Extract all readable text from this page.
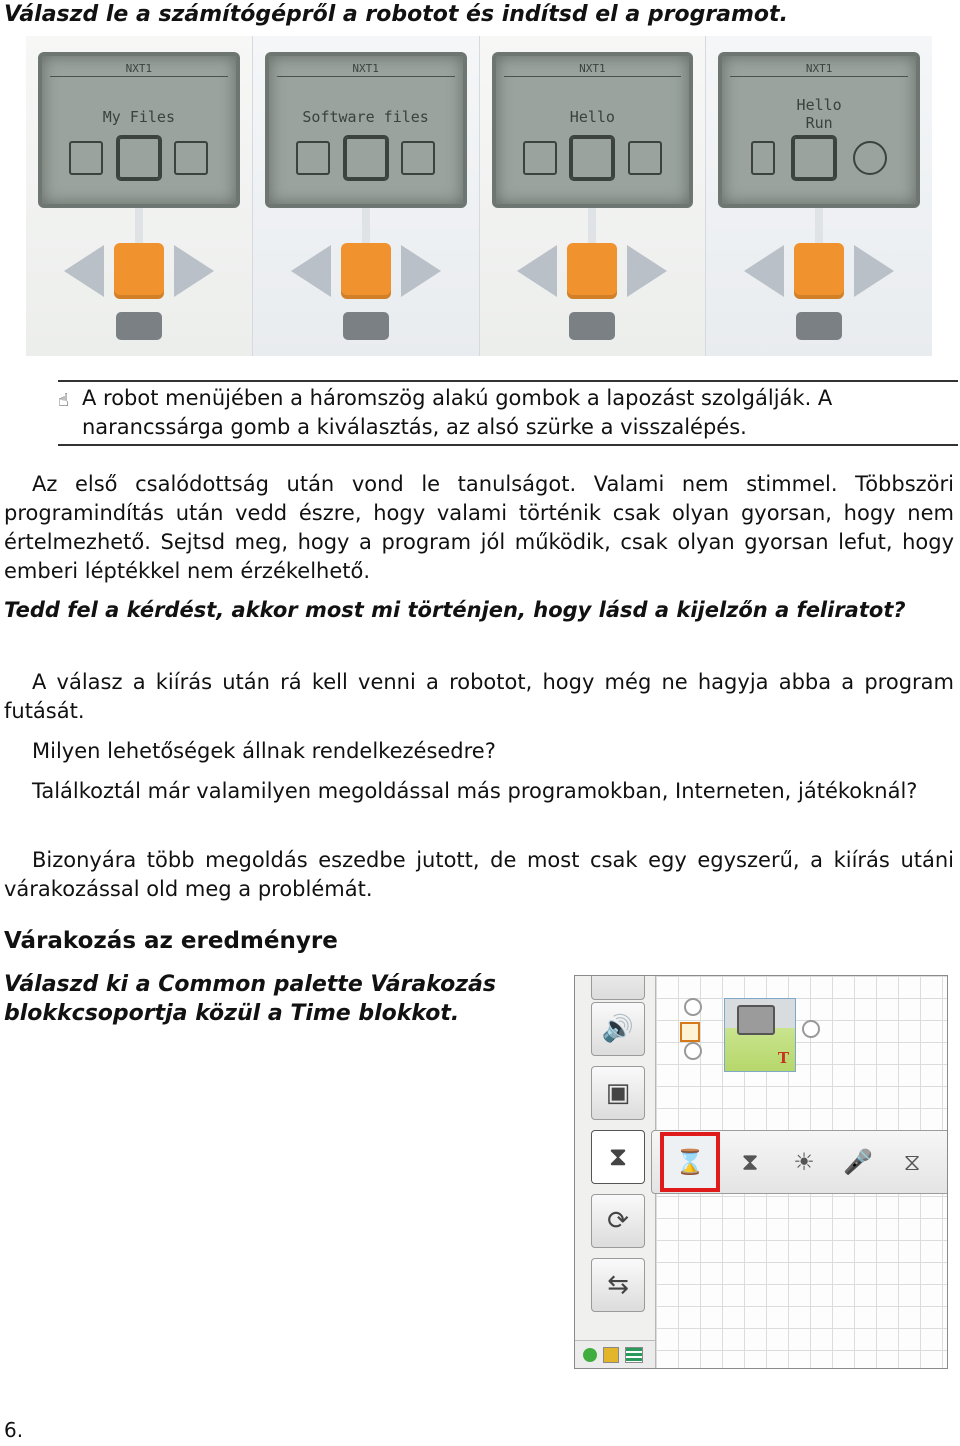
Válaszd le a számítógépről a robotot és indítsd el a programot.
NXT1
My Files
NXT1
Software files
NXT1
Hello
NXT1
Hello Run
☝ A robot menüjében a háromszög alakú gombok a lapozást szolgálják. A narancssárga gomb a kiválasztás, az alsó szürke a visszalépés.
Az első csalódottság után vond le tanulságot. Valami nem stimmel. Többszöri programindítás után vedd észre, hogy valami történik csak olyan gyorsan, hogy nem értelmezhető. Sejtsd meg, hogy a program jól működik, csak olyan gyorsan lefut, hogy emberi léptékkel nem érzékelhető.
Tedd fel a kérdést, akkor most mi történjen, hogy lásd a kijelzőn a feliratot?
A válasz a kiírás után rá kell venni a robotot, hogy még ne hagyja abba a program futását.
Milyen lehetőségek állnak rendelkezésedre?
Találkoztál már valamilyen megoldással más programokban, Interneten, játékoknál?
Bizonyára több megoldás eszedbe jutott, de most csak egy egyszerű, a kiírás utáni várakozással old meg a problémát.
Várakozás az eredményre
Válaszd ki a Common palette Várakozás blokkcsoportja közül a Time blokkot.
🔊
▣
⧗
⟳
⇆
T
⌛	⧗	☀	🎤	⧖
6.
